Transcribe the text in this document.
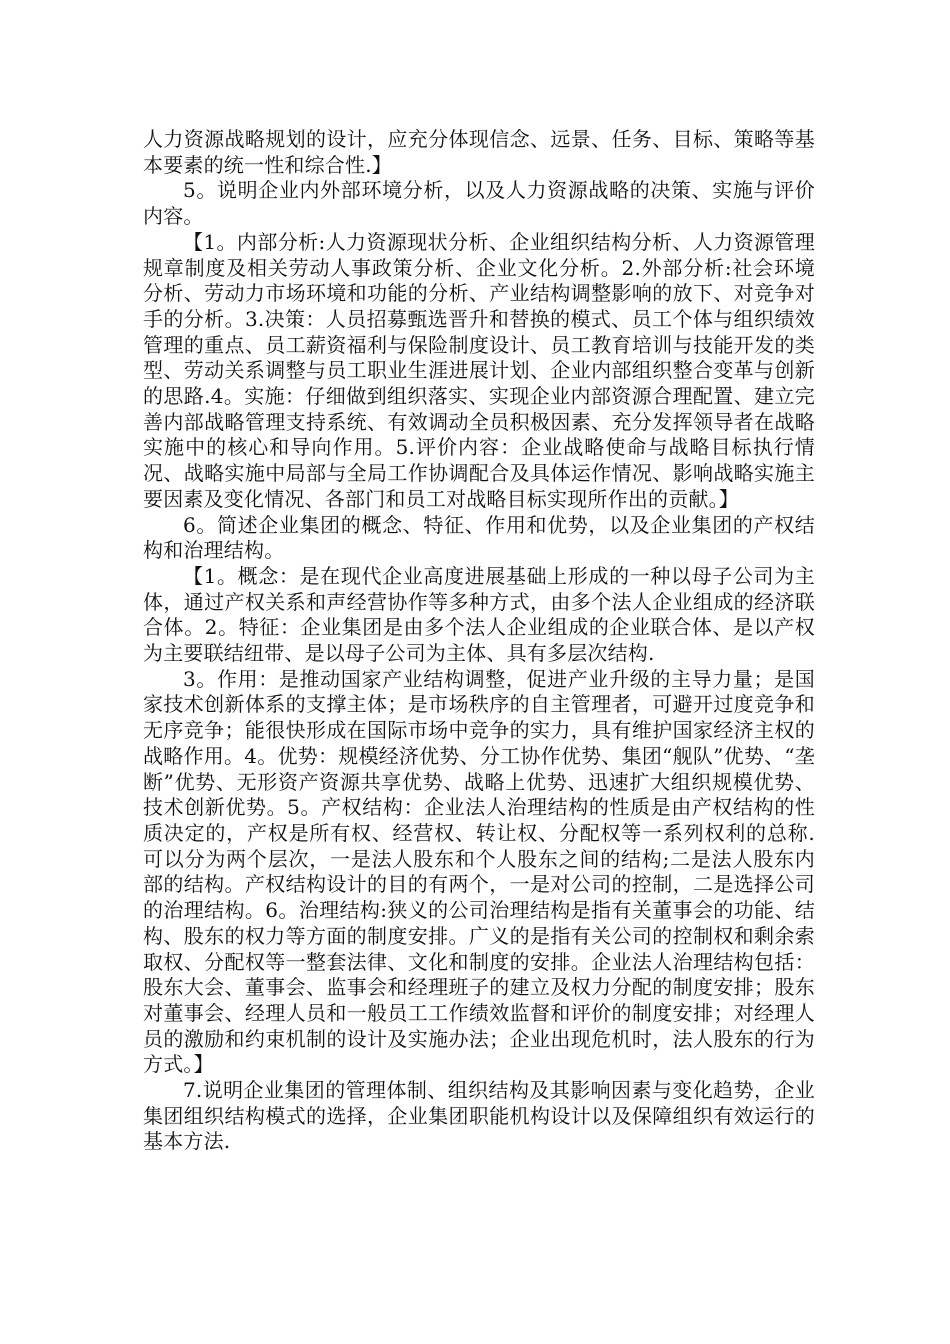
人力资源战略规划的设计，应充分体现信念、远景、任务、目标、策略等基本要素的统一性和综合性.】

5。说明企业内外部环境分析，以及人力资源战略的决策、实施与评价内容。

【1。内部分析:人力资源现状分析、企业组织结构分析、人力资源管理规章制度及相关劳动人事政策分析、企业文化分析。2.外部分析:社会环境分析、劳动力市场环境和功能的分析、产业结构调整影响的放下、对竞争对手的分析。3.决策：人员招募甄选晋升和替换的模式、员工个体与组织绩效管理的重点、员工薪资福利与保险制度设计、员工教育培训与技能开发的类型、劳动关系调整与员工职业生涯进展计划、企业内部组织整合变革与创新的思路.4。实施：仔细做到组织落实、实现企业内部资源合理配置、建立完善内部战略管理支持系统、有效调动全员积极因素、充分发挥领导者在战略实施中的核心和导向作用。5.评价内容：企业战略使命与战略目标执行情况、战略实施中局部与全局工作协调配合及具体运作情况、影响战略实施主要因素及变化情况、各部门和员工对战略目标实现所作出的贡献。】

6。简述企业集团的概念、特征、作用和优势，以及企业集团的产权结构和治理结构。

【1。概念：是在现代企业高度进展基础上形成的一种以母子公司为主体，通过产权关系和声经营协作等多种方式，由多个法人企业组成的经济联合体。2。特征：企业集团是由多个法人企业组成的企业联合体、是以产权为主要联结纽带、是以母子公司为主体、具有多层次结构.

3。作用：是推动国家产业结构调整，促进产业升级的主导力量；是国家技术创新体系的支撑主体；是市场秩序的自主管理者，可避开过度竞争和无序竞争；能很快形成在国际市场中竞争的实力，具有维护国家经济主权的战略作用。4。优势：规模经济优势、分工协作优势、集团“舰队”优势、“垄断”优势、无形资产资源共享优势、战略上优势、迅速扩大组织规模优势、技术创新优势。5。产权结构：企业法人治理结构的性质是由产权结构的性质决定的，产权是所有权、经营权、转让权、分配权等一系列权利的总称.可以分为两个层次，一是法人股东和个人股东之间的结构;二是法人股东内部的结构。产权结构设计的目的有两个，一是对公司的控制，二是选择公司的治理结构。6。治理结构:狭义的公司治理结构是指有关董事会的功能、结构、股东的权力等方面的制度安排。广义的是指有关公司的控制权和剩余索取权、分配权等一整套法律、文化和制度的安排。企业法人治理结构包括：股东大会、董事会、监事会和经理班子的建立及权力分配的制度安排；股东对董事会、经理人员和一般员工工作绩效监督和评价的制度安排；对经理人员的激励和约束机制的设计及实施办法；企业出现危机时，法人股东的行为方式。】

7.说明企业集团的管理体制、组织结构及其影响因素与变化趋势，企业集团组织结构模式的选择，企业集团职能机构设计以及保障组织有效运行的基本方法.
